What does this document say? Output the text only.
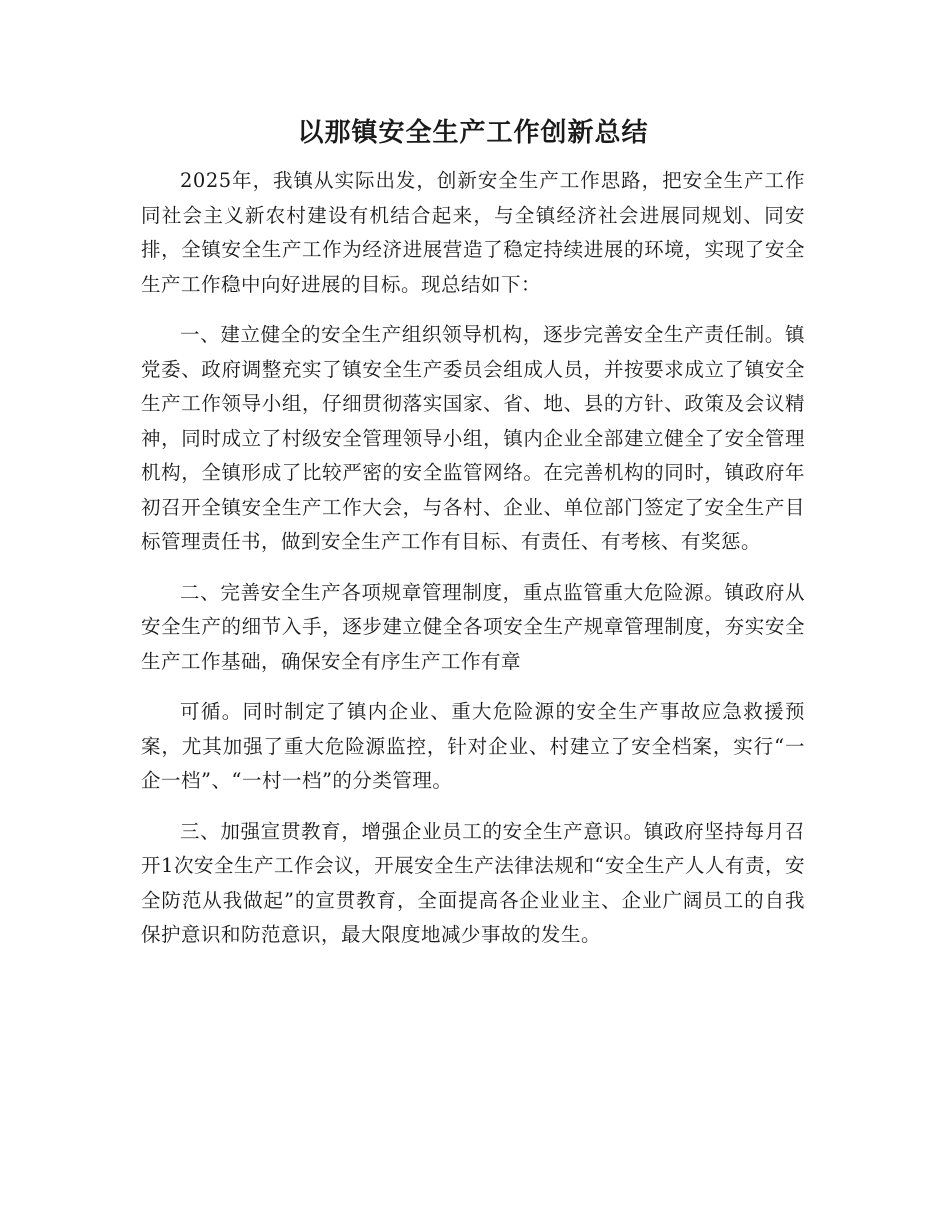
以那镇安全生产工作创新总结

2025年，我镇从实际出发，创新安全生产工作思路，把安全生产工作同社会主义新农村建设有机结合起来，与全镇经济社会进展同规划、同安排，全镇安全生产工作为经济进展营造了稳定持续进展的环境，实现了安全生产工作稳中向好进展的目标。现总结如下：

一、建立健全的安全生产组织领导机构，逐步完善安全生产责任制。镇党委、政府调整充实了镇安全生产委员会组成人员，并按要求成立了镇安全生产工作领导小组，仔细贯彻落实国家、省、地、县的方针、政策及会议精神，同时成立了村级安全管理领导小组，镇内企业全部建立健全了安全管理机构，全镇形成了比较严密的安全监管网络。在完善机构的同时，镇政府年初召开全镇安全生产工作大会，与各村、企业、单位部门签定了安全生产目标管理责任书，做到安全生产工作有目标、有责任、有考核、有奖惩。

二、完善安全生产各项规章管理制度，重点监管重大危险源。镇政府从安全生产的细节入手，逐步建立健全各项安全生产规章管理制度，夯实安全生产工作基础，确保安全有序生产工作有章

可循。同时制定了镇内企业、重大危险源的安全生产事故应急救援预案，尤其加强了重大危险源监控，针对企业、村建立了安全档案，实行“一企一档”、“一村一档”的分类管理。

三、加强宣贯教育，增强企业员工的安全生产意识。镇政府坚持每月召开1次安全生产工作会议，开展安全生产法律法规和“安全生产人人有责，安全防范从我做起”的宣贯教育，全面提高各企业业主、企业广阔员工的自我保护意识和防范意识，最大限度地减少事故的发生。
